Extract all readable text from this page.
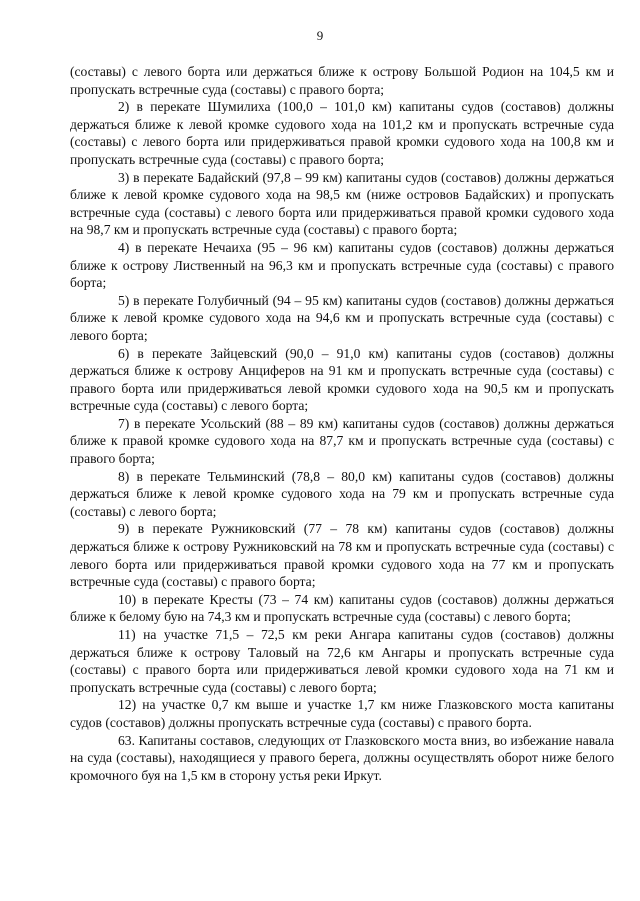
9

(составы) с левого борта или держаться ближе к острову Большой Родион на 104,5 км и пропускать встречные суда (составы) с правого борта;

2) в перекате Шумилиха (100,0 – 101,0 км) капитаны судов (составов) должны держаться ближе к левой кромке судового хода на 101,2 км и пропускать встречные суда (составы) с левого борта или придерживаться правой кромки судового хода на 100,8 км и пропускать встречные суда (составы) с правого борта;

3) в перекате Бадайский (97,8 – 99 км) капитаны судов (составов) должны держаться ближе к левой кромке судового хода на 98,5 км (ниже островов Бадайских) и пропускать встречные суда (составы) с левого борта или придерживаться правой кромки судового хода на 98,7 км и пропускать встречные суда (составы) с правого борта;

4) в перекате Нечаиха (95 – 96 км) капитаны судов (составов) должны держаться ближе к острову Лиственный на 96,3 км и пропускать встречные суда (составы) с правого борта;

5) в перекате Голубичный (94 – 95 км) капитаны судов (составов) должны держаться ближе к левой кромке судового хода на 94,6 км и пропускать встречные суда (составы) с левого борта;

6) в перекате Зайцевский (90,0 – 91,0 км) капитаны судов (составов) должны держаться ближе к острову Анциферов на 91 км и пропускать встречные суда (составы) с правого борта или придерживаться левой кромки судового хода на 90,5 км и пропускать встречные суда (составы) с левого борта;

7) в перекате Усольский (88 – 89 км) капитаны судов (составов) должны держаться ближе к правой кромке судового хода на 87,7 км и пропускать встречные суда (составы) с правого борта;

8) в перекате Тельминский (78,8 – 80,0 км) капитаны судов (составов) должны держаться ближе к левой кромке судового хода на 79 км и пропускать встречные суда (составы) с левого борта;

9) в перекате Ружниковский (77 – 78 км) капитаны судов (составов) должны держаться ближе к острову Ружниковский на 78 км и пропускать встречные суда (составы) с левого борта или придерживаться правой кромки судового хода на 77 км и пропускать встречные суда (составы) с правого борта;

10) в перекате Кресты (73 – 74 км) капитаны судов (составов) должны держаться ближе к белому бую на 74,3 км и пропускать встречные суда (составы) с левого борта;

11) на участке 71,5 – 72,5 км реки Ангара капитаны судов (составов) должны держаться ближе к острову Таловый на 72,6 км Ангары и пропускать встречные суда (составы) с правого борта или придерживаться левой кромки судового хода на 71 км и пропускать встречные суда (составы) с левого борта;

12) на участке 0,7 км выше и участке 1,7 км ниже Глазковского моста капитаны судов (составов) должны пропускать встречные суда (составы) с правого борта.

63. Капитаны составов, следующих от Глазковского моста вниз, во избежание навала на суда (составы), находящиеся у правого берега, должны осуществлять оборот ниже белого кромочного буя на 1,5 км в сторону устья реки Иркут.
